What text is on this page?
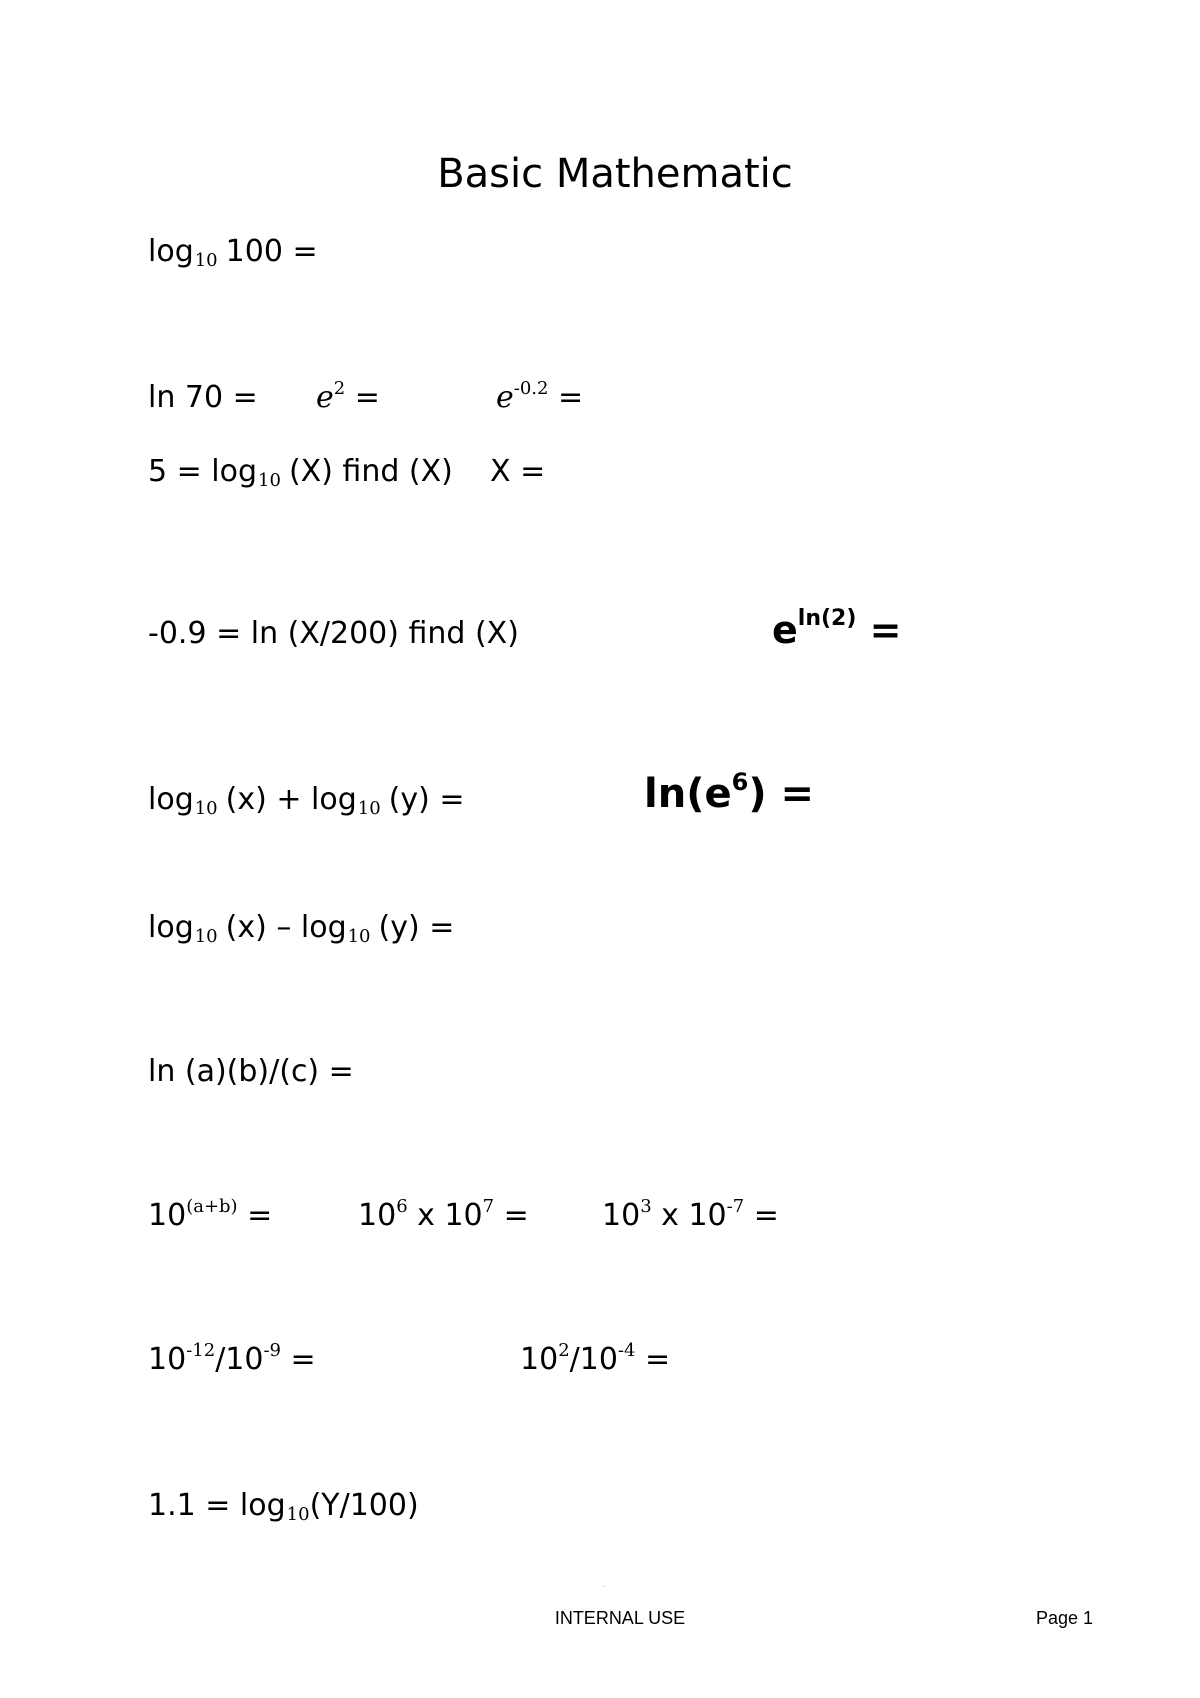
Basic Mathematic
log10 100 =
$\ln 70 = e^2$ =	$e^{-0.2}$ =
5 = log10 (X) find (X) X =
-0.9 = ln (X/200) find (X)	$e^{ln(2)}$ =
log10 (x) + log10 (y) =	$\ln(e^6)$ =
log10 (x) – log10 (y) =
ln (a)(b)/(c) =
$10^{(a+b)}$ =	$10^6$ x $10^7 = 10^3$ x $10^{-7}$ =
$10^{-12}/10^{-9}$ =	$10^2/10^{-4}$ =
1.1 = log10(Y/100)
.
INTERNAL USE	Page 1
